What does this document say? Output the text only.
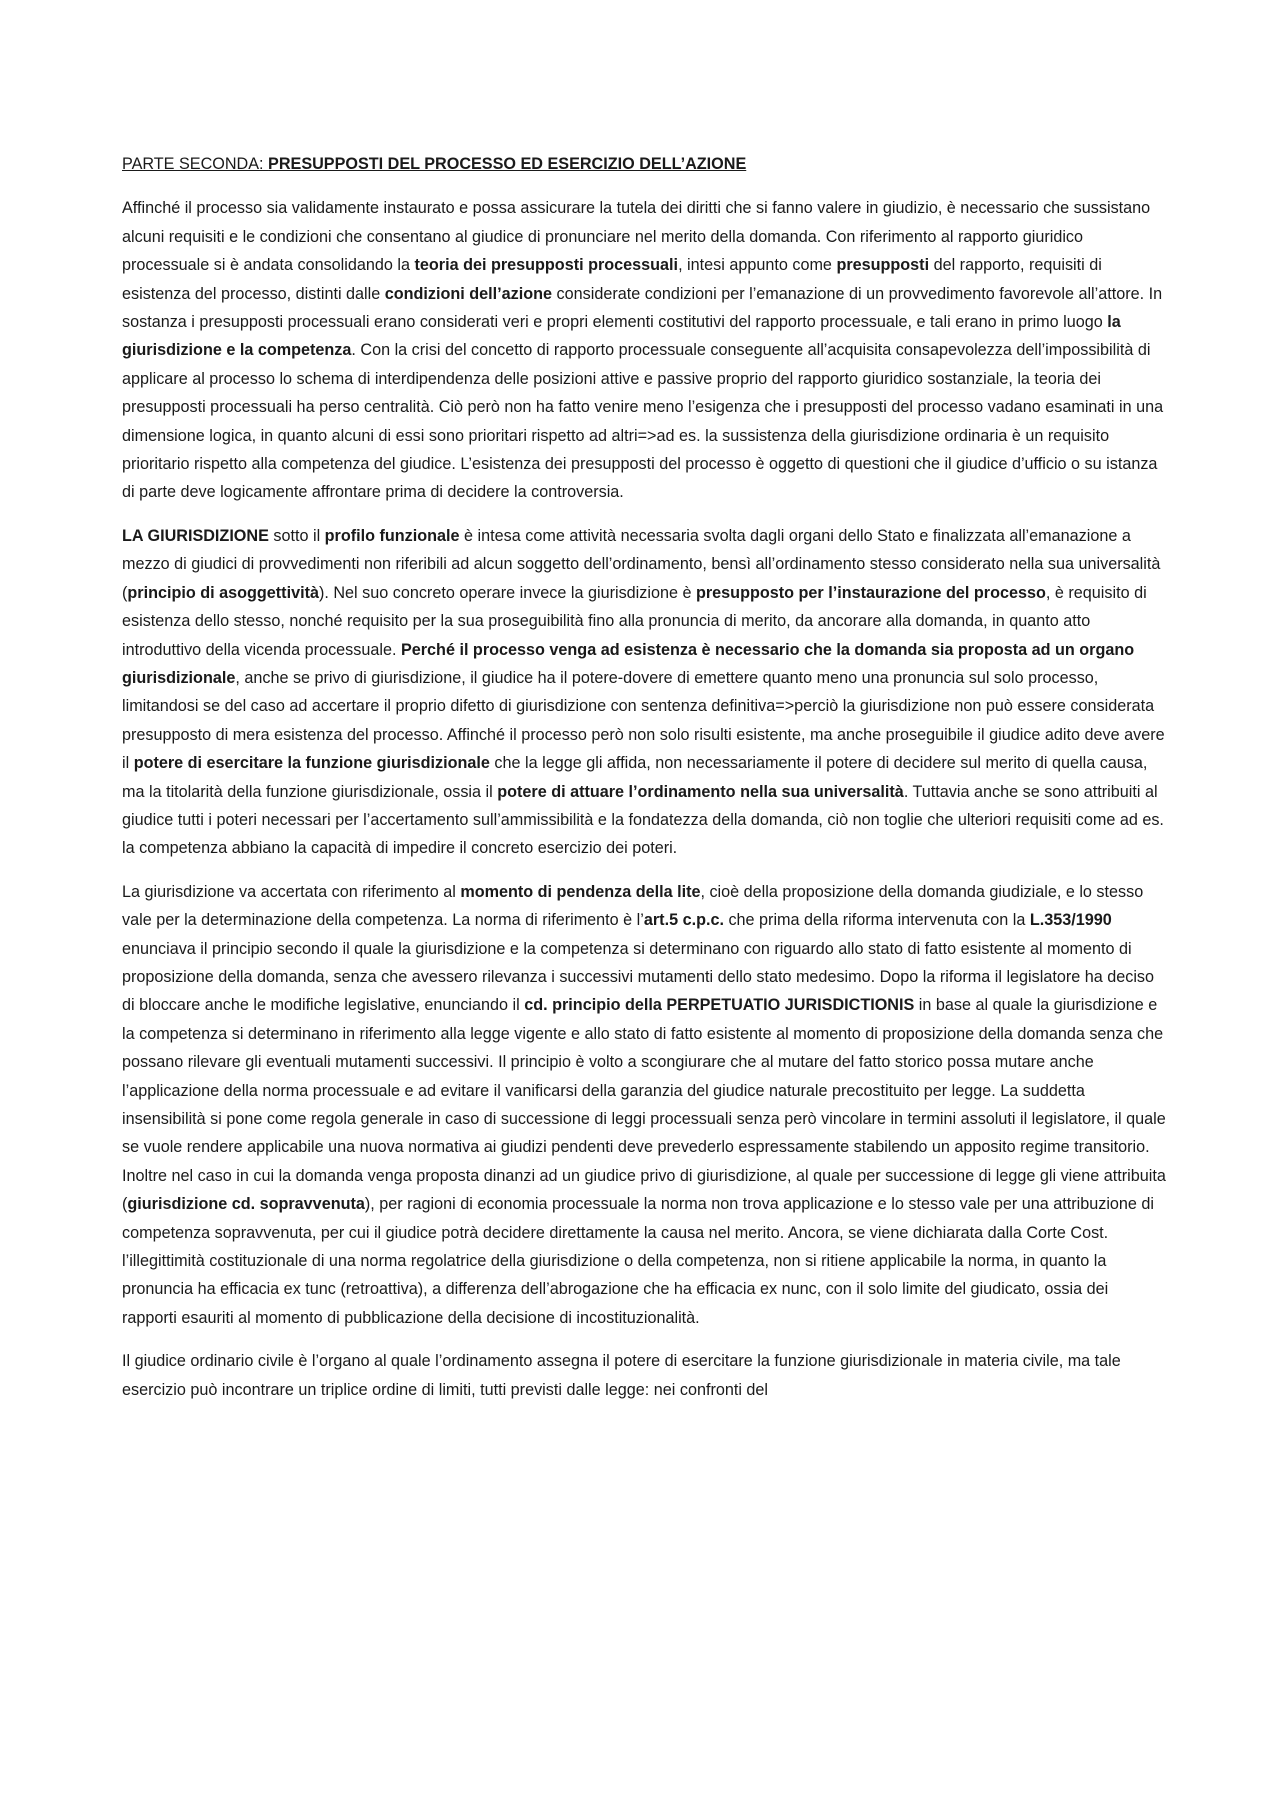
PARTE SECONDA: PRESUPPOSTI DEL PROCESSO ED ESERCIZIO DELL’AZIONE

Affinché il processo sia validamente instaurato e possa assicurare la tutela dei diritti che si fanno valere in giudizio, è necessario che sussistano alcuni requisiti e le condizioni che consentano al giudice di pronunciare nel merito della domanda. Con riferimento al rapporto giuridico processuale si è andata consolidando la teoria dei presupposti processuali, intesi appunto come presupposti del rapporto, requisiti di esistenza del processo, distinti dalle condizioni dell’azione considerate condizioni per l’emanazione di un provvedimento favorevole all’attore. In sostanza i presupposti processuali erano considerati veri e propri elementi costitutivi del rapporto processuale, e tali erano in primo luogo la giurisdizione e la competenza. Con la crisi del concetto di rapporto processuale conseguente all’acquisita consapevolezza dell’impossibilità di applicare al processo lo schema di interdipendenza delle posizioni attive e passive proprio del rapporto giuridico sostanziale, la teoria dei presupposti processuali ha perso centralità. Ciò però non ha fatto venire meno l’esigenza che i presupposti del processo vadano esaminati in una dimensione logica, in quanto alcuni di essi sono prioritari rispetto ad altri=>ad es. la sussistenza della giurisdizione ordinaria è un requisito prioritario rispetto alla competenza del giudice. L’esistenza dei presupposti del processo è oggetto di questioni che il giudice d’ufficio o su istanza di parte deve logicamente affrontare prima di decidere la controversia.

LA GIURISDIZIONE sotto il profilo funzionale è intesa come attività necessaria svolta dagli organi dello Stato e finalizzata all’emanazione a mezzo di giudici di provvedimenti non riferibili ad alcun soggetto dell’ordinamento, bensì all’ordinamento stesso considerato nella sua universalità (principio di asoggettività). Nel suo concreto operare invece la giurisdizione è presupposto per l’instaurazione del processo, è requisito di esistenza dello stesso, nonché requisito per la sua proseguibilità fino alla pronuncia di merito, da ancorare alla domanda, in quanto atto introduttivo della vicenda processuale. Perché il processo venga ad esistenza è necessario che la domanda sia proposta ad un organo giurisdizionale, anche se privo di giurisdizione, il giudice ha il potere-dovere di emettere quanto meno una pronuncia sul solo processo, limitandosi se del caso ad accertare il proprio difetto di giurisdizione con sentenza definitiva=>perciò la giurisdizione non può essere considerata presupposto di mera esistenza del processo. Affinché il processo però non solo risulti esistente, ma anche proseguibile il giudice adito deve avere il potere di esercitare la funzione giurisdizionale che la legge gli affida, non necessariamente il potere di decidere sul merito di quella causa, ma la titolarità della funzione giurisdizionale, ossia il potere di attuare l’ordinamento nella sua universalità. Tuttavia anche se sono attribuiti al giudice tutti i poteri necessari per l’accertamento sull’ammissibilità e la fondatezza della domanda, ciò non toglie che ulteriori requisiti come ad es. la competenza abbiano la capacità di impedire il concreto esercizio dei poteri.

La giurisdizione va accertata con riferimento al momento di pendenza della lite, cioè della proposizione della domanda giudiziale, e lo stesso vale per la determinazione della competenza. La norma di riferimento è l’art.5 c.p.c. che prima della riforma intervenuta con la L.353/1990 enunciava il principio secondo il quale la giurisdizione e la competenza si determinano con riguardo allo stato di fatto esistente al momento di proposizione della domanda, senza che avessero rilevanza i successivi mutamenti dello stato medesimo. Dopo la riforma il legislatore ha deciso di bloccare anche le modifiche legislative, enunciando il cd. principio della PERPETUATIO JURISDICTIONIS in base al quale la giurisdizione e la competenza si determinano in riferimento alla legge vigente e allo stato di fatto esistente al momento di proposizione della domanda senza che possano rilevare gli eventuali mutamenti successivi. Il principio è volto a scongiurare che al mutare del fatto storico possa mutare anche l’applicazione della norma processuale e ad evitare il vanificarsi della garanzia del giudice naturale precostituito per legge. La suddetta insensibilità si pone come regola generale in caso di successione di leggi processuali senza però vincolare in termini assoluti il legislatore, il quale se vuole rendere applicabile una nuova normativa ai giudizi pendenti deve prevederlo espressamente stabilendo un apposito regime transitorio. Inoltre nel caso in cui la domanda venga proposta dinanzi ad un giudice privo di giurisdizione, al quale per successione di legge gli viene attribuita (giurisdizione cd. sopravvenuta), per ragioni di economia processuale la norma non trova applicazione e lo stesso vale per una attribuzione di competenza sopravvenuta, per cui il giudice potrà decidere direttamente la causa nel merito. Ancora, se viene dichiarata dalla Corte Cost. l’illegittimità costituzionale di una norma regolatrice della giurisdizione o della competenza, non si ritiene applicabile la norma, in quanto la pronuncia ha efficacia ex tunc (retroattiva), a differenza dell’abrogazione che ha efficacia ex nunc, con il solo limite del giudicato, ossia dei rapporti esauriti al momento di pubblicazione della decisione di incostituzionalità.

Il giudice ordinario civile è l’organo al quale l’ordinamento assegna il potere di esercitare la funzione giurisdizionale in materia civile, ma tale esercizio può incontrare un triplice ordine di limiti, tutti previsti dalle legge: nei confronti del
